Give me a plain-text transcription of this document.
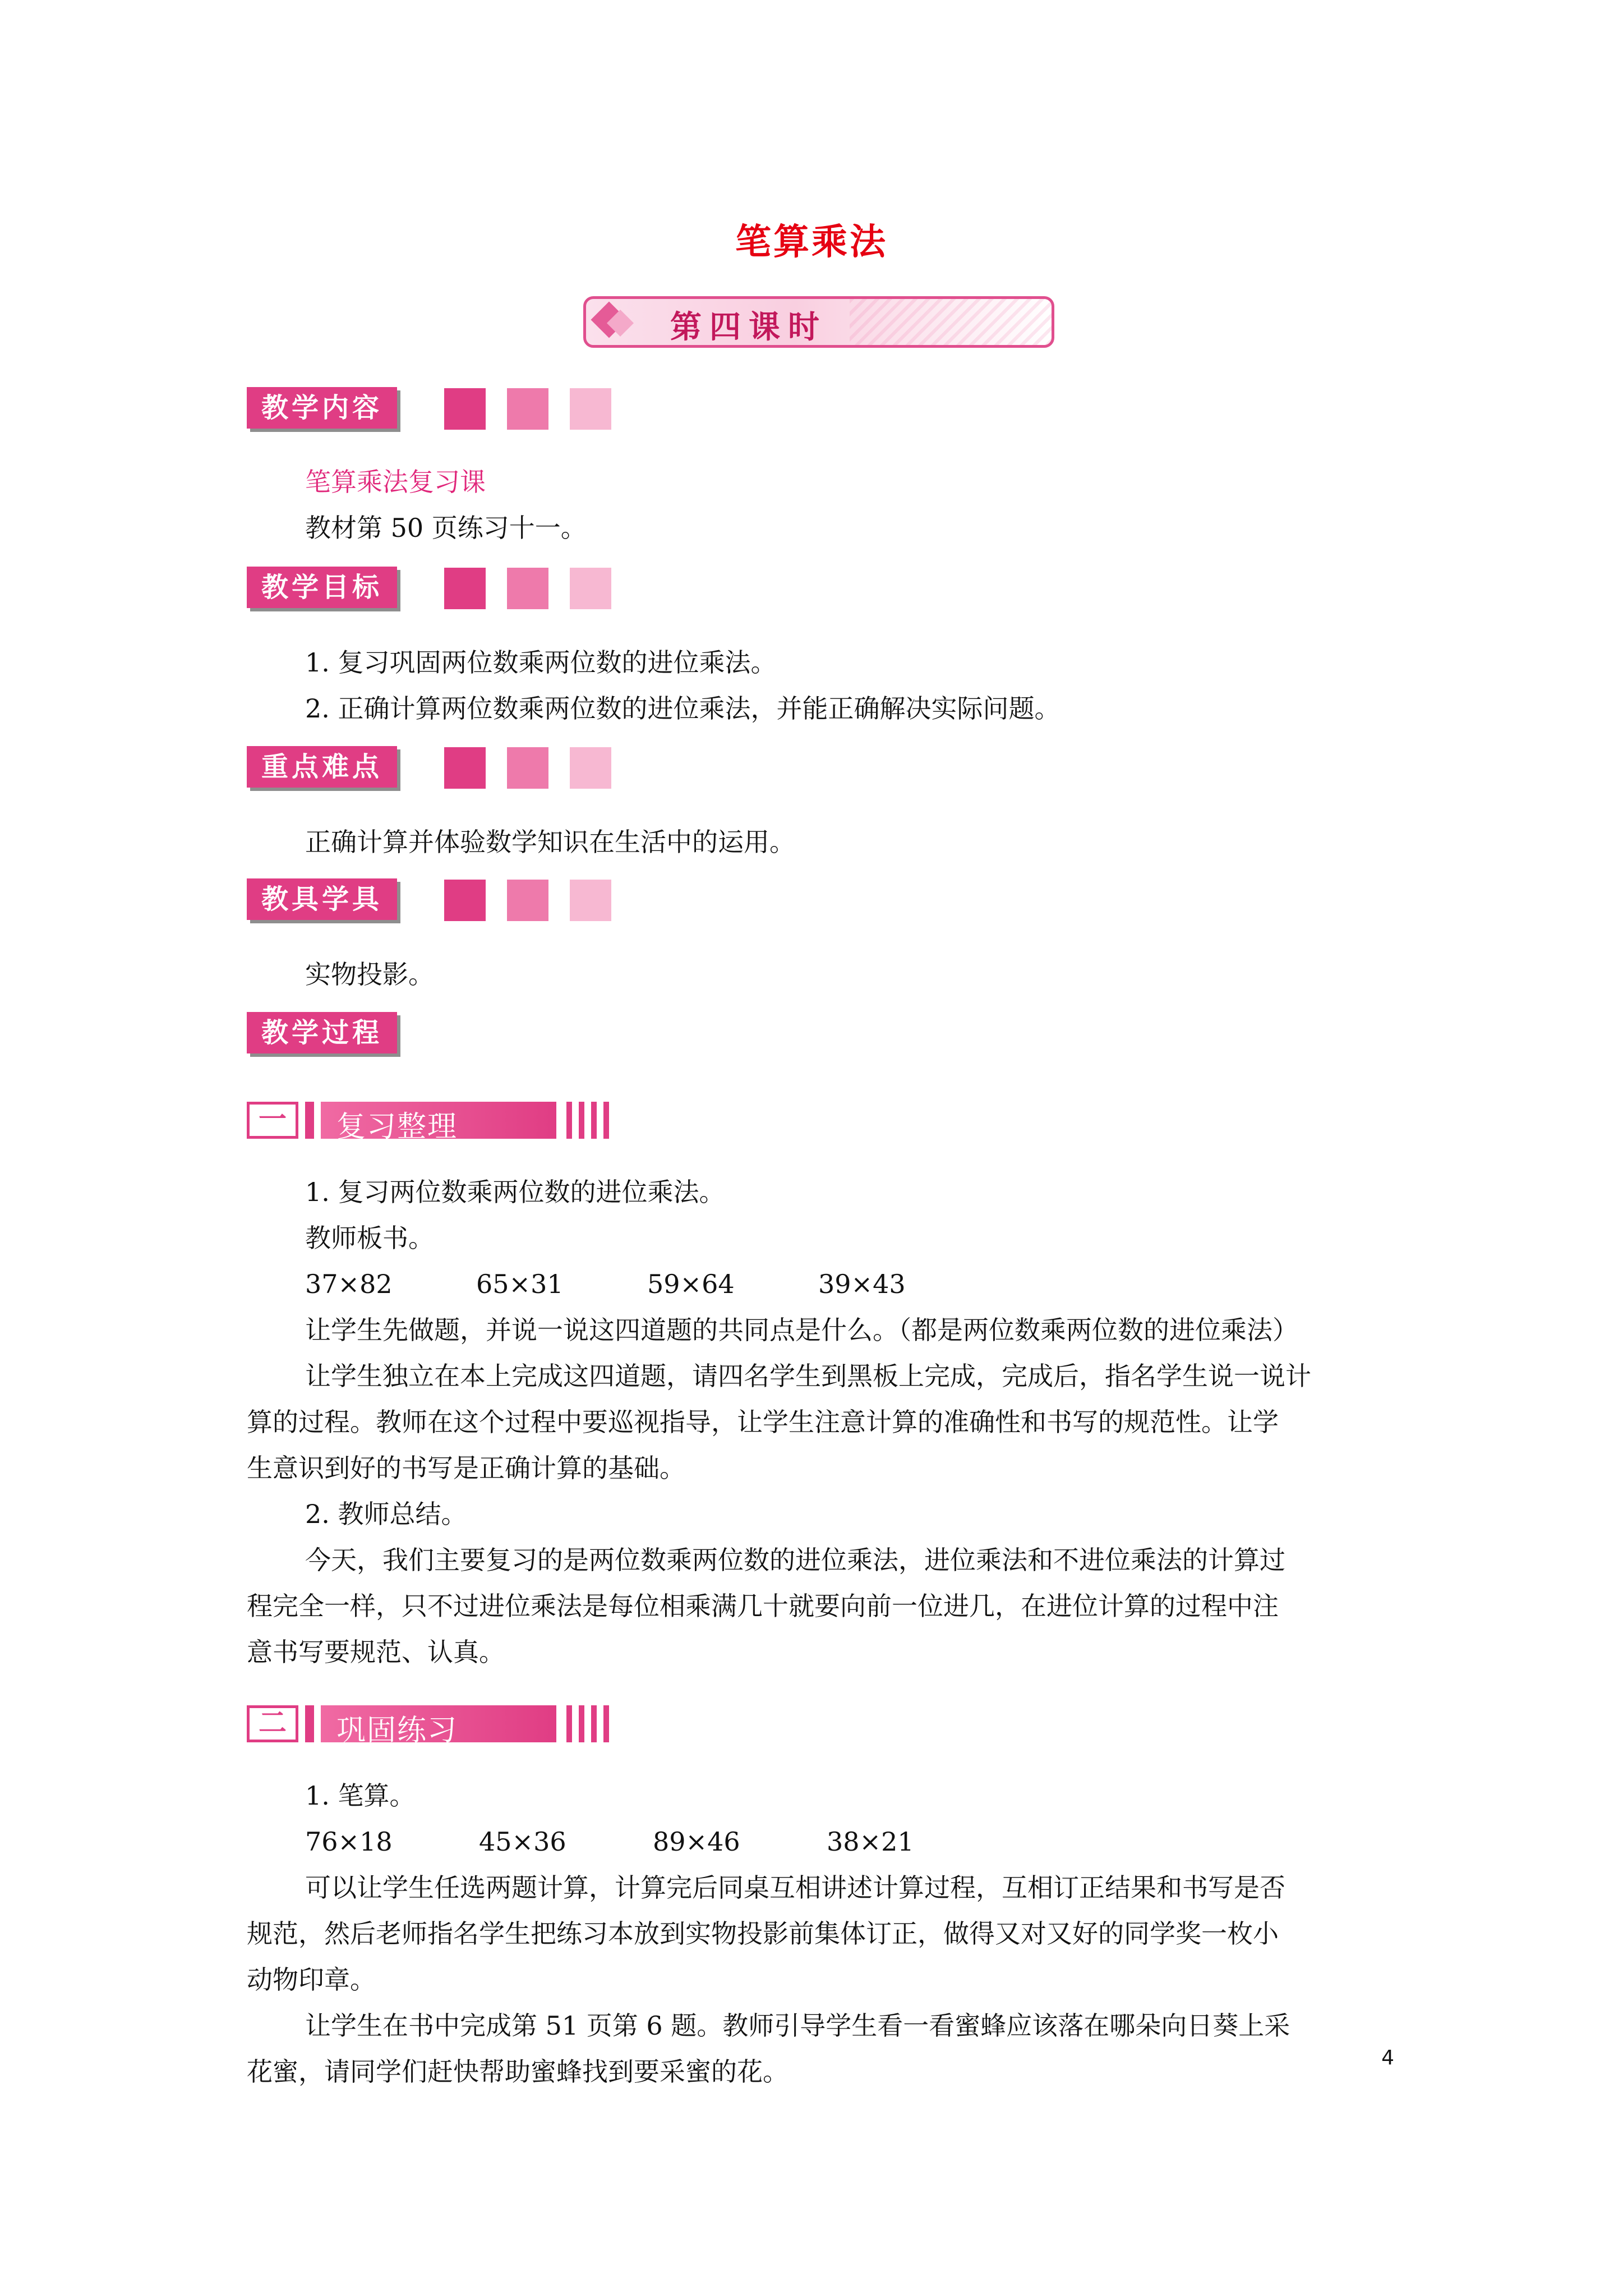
笔算乘法
第四课时
教学内容
笔算乘法复习课
教材第 50 页练习十一。
教学目标
1. 复习巩固两位数乘两位数的进位乘法。
2. 正确计算两位数乘两位数的进位乘法，并能正确解决实际问题。
重点难点
正确计算并体验数学知识在生活中的运用。
教具学具
实物投影。
教学过程
一	复习整理
1. 复习两位数乘两位数的进位乘法。
教师板书。
37×82	65×31	59×64	39×43
让学生先做题，并说一说这四道题的共同点是什么。（都是两位数乘两位数的进位乘法）
让学生独立在本上完成这四道题，请四名学生到黑板上完成，完成后，指名学生说一说计
算的过程。教师在这个过程中要巡视指导，让学生注意计算的准确性和书写的规范性。让学
生意识到好的书写是正确计算的基础。
2. 教师总结。
今天，我们主要复习的是两位数乘两位数的进位乘法，进位乘法和不进位乘法的计算过
程完全一样，只不过进位乘法是每位相乘满几十就要向前一位进几，在进位计算的过程中注
意书写要规范、认真。
二	巩固练习
1. 笔算。
76×18	45×36	89×46	38×21
可以让学生任选两题计算，计算完后同桌互相讲述计算过程，互相订正结果和书写是否
规范，然后老师指名学生把练习本放到实物投影前集体订正，做得又对又好的同学奖一枚小
动物印章。
让学生在书中完成第 51 页第 6 题。教师引导学生看一看蜜蜂应该落在哪朵向日葵上采
花蜜，请同学们赶快帮助蜜蜂找到要采蜜的花。	4
